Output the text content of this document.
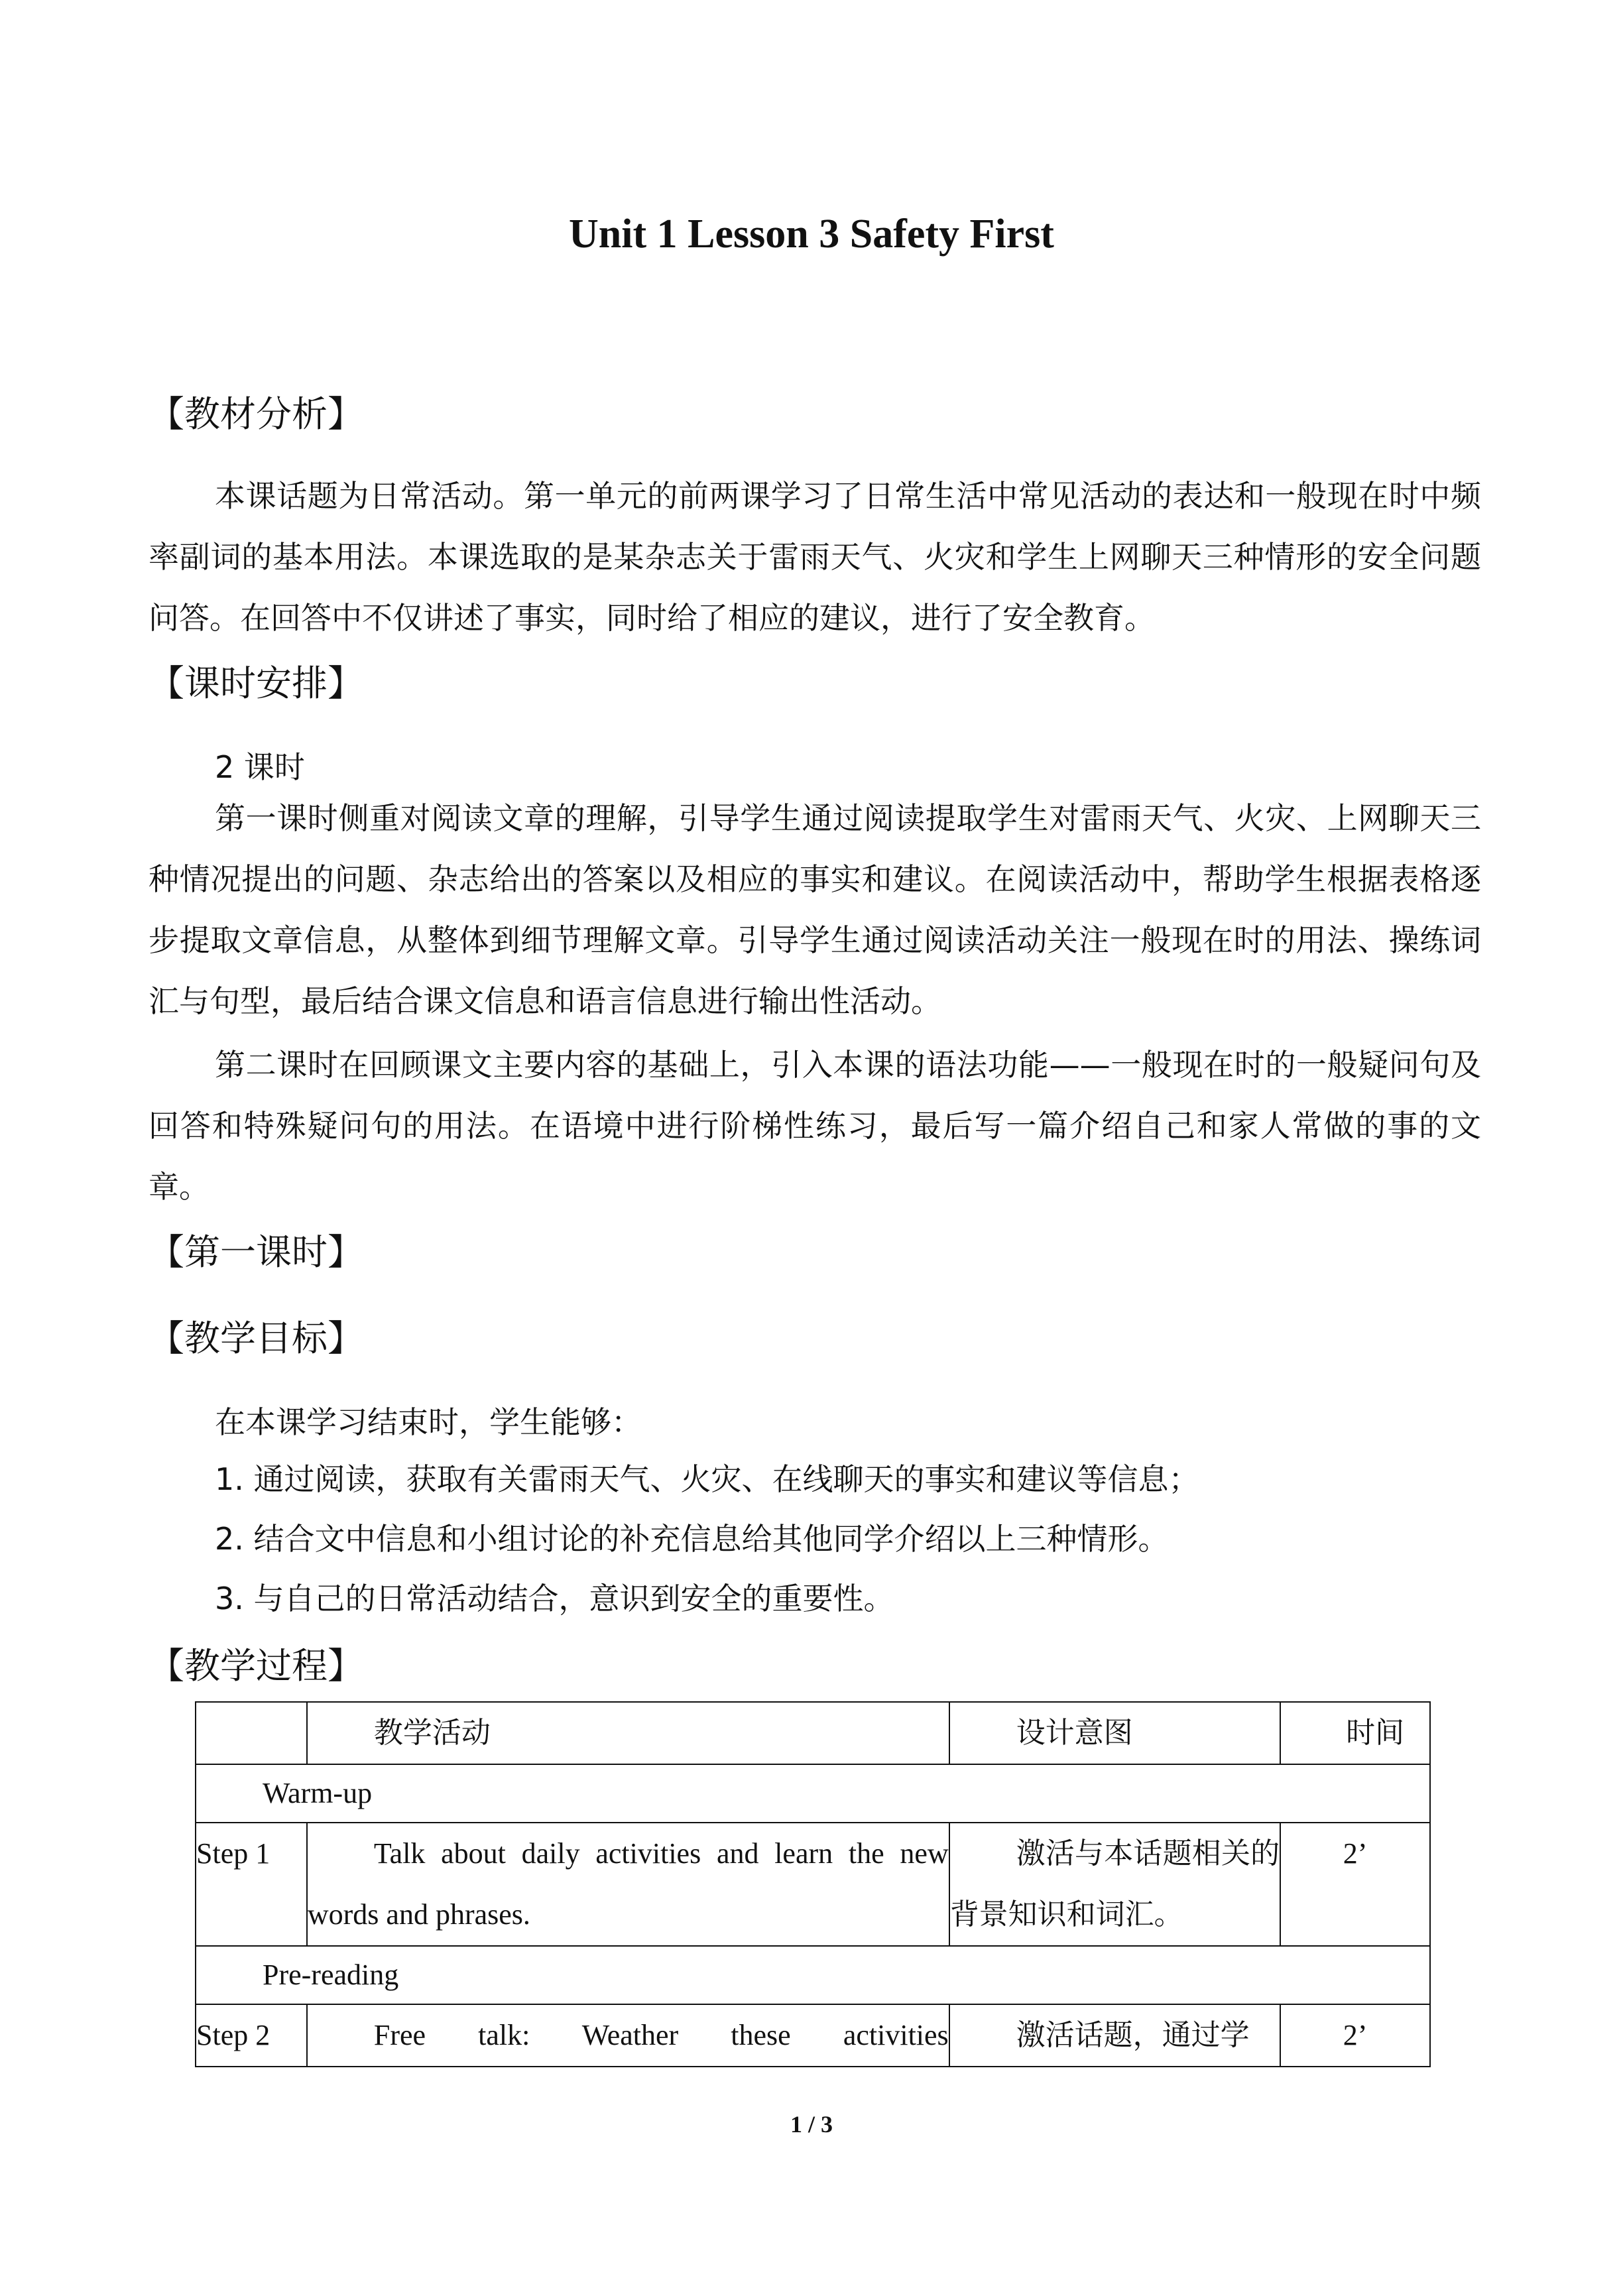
Unit 1 Lesson 3 Safety First
【教材分析】
本课话题为日常活动。第一单元的前两课学习了日常生活中常见活动的表达和一般现在时中频率副词的基本用法。本课选取的是某杂志关于雷雨天气、火灾和学生上网聊天三种情形的安全问题问答。在回答中不仅讲述了事实，同时给了相应的建议，进行了安全教育。
【课时安排】
2 课时
第一课时侧重对阅读文章的理解，引导学生通过阅读提取学生对雷雨天气、火灾、上网聊天三种情况提出的问题、杂志给出的答案以及相应的事实和建议。在阅读活动中，帮助学生根据表格逐步提取文章信息，从整体到细节理解文章。引导学生通过阅读活动关注一般现在时的用法、操练词汇与句型，最后结合课文信息和语言信息进行输出性活动。
第二课时在回顾课文主要内容的基础上，引入本课的语法功能——一般现在时的一般疑问句及回答和特殊疑问句的用法。在语境中进行阶梯性练习，最后写一篇介绍自己和家人常做的事的文章。
【第一课时】
【教学目标】
在本课学习结束时，学生能够：
1. 通过阅读，获取有关雷雨天气、火灾、在线聊天的事实和建议等信息；
2. 结合文中信息和小组讨论的补充信息给其他同学介绍以上三种情形。
3. 与自己的日常活动结合，意识到安全的重要性。
【教学过程】
	教学活动	设计意图	时间
Warm-up			
Step 1	Talk about daily activities and learn the new words and phrases.	激活与本话题相关的背景知识和词汇。	2’
Pre-reading			
Step 2	Free talk: Weather these activities	激活话题，通过学	2’
1 / 3
